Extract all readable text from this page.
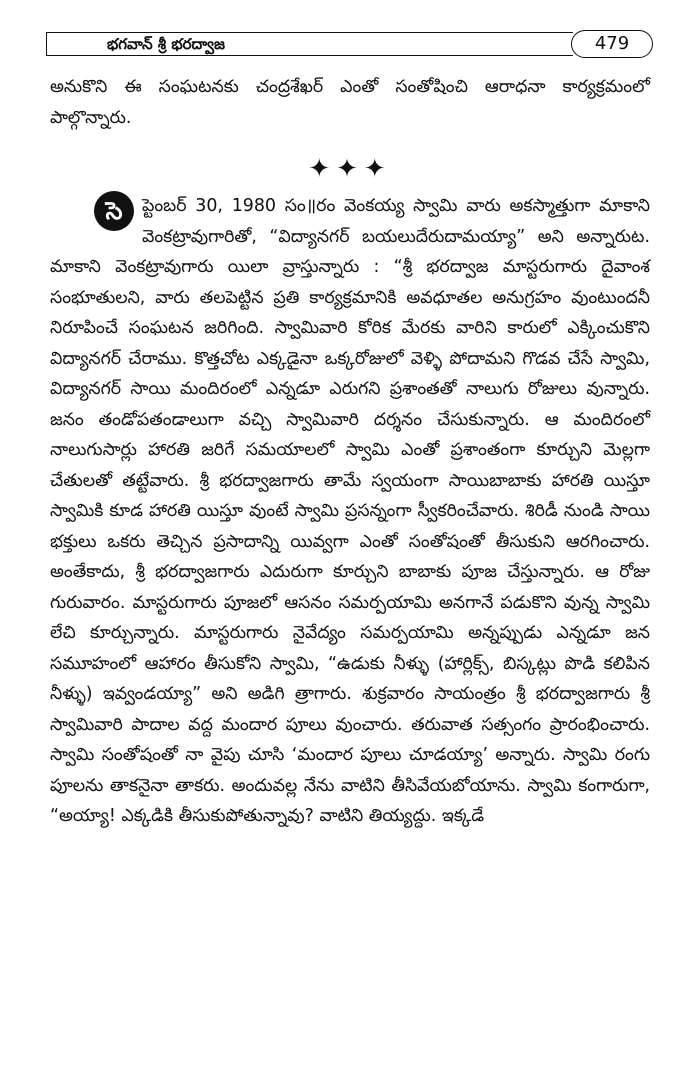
భగవాన్ శ్రీ భరద్వాజ	479

అనుకొని ఈ సంఘటనకు చంద్రశేఖర్ ఎంతో సంతోషించి ఆరాధనా కార్యక్రమంలో పాల్గొన్నారు.

✦✦✦

సె	ప్టెంబర్ 30, 1980 సం॥రం వెంకయ్య స్వామి వారు అకస్మాత్తుగా మాకాని వెంకట్రావుగారితో, “విద్యానగర్ బయలుదేరుదామయ్యా” అని అన్నారుట. మాకాని వెంకట్రావుగారు యిలా వ్రాస్తున్నారు : “శ్రీ భరద్వాజ మాస్టరుగారు దైవాంశ సంభూతులని, వారు తలపెట్టిన ప్రతి కార్యక్రమానికి అవధూతల అనుగ్రహం వుంటుందనీ నిరూపించే సంఘటన జరిగింది. స్వామివారి కోరిక మేరకు వారిని కారులో ఎక్కించుకొని విద్యానగర్ చేరాము. కొత్తచోట ఎక్కడైనా ఒక్కరోజులో వెళ్ళి పోదామని గొడవ చేసే స్వామి, విద్యానగర్ సాయి మందిరంలో ఎన్నడూ ఎరుగని ప్రశాంతతో నాలుగు రోజులు వున్నారు. జనం తండోపతండాలుగా వచ్చి స్వామివారి దర్శనం చేసుకున్నారు. ఆ మందిరంలో నాలుగుసార్లు హారతి జరిగే సమయాలలో స్వామి ఎంతో ప్రశాంతంగా కూర్చుని మెల్లగా చేతులతో తట్టేవారు. శ్రీ భరద్వాజగారు తామే స్వయంగా సాయిబాబాకు హారతి యిస్తూ స్వామికి కూడ హారతి యిస్తూ వుంటే స్వామి ప్రసన్నంగా స్వీకరించేవారు. శిరిడీ నుండి సాయి భక్తులు ఒకరు తెచ్చిన ప్రసాదాన్ని యివ్వగా ఎంతో సంతోషంతో తీసుకుని ఆరగించారు. అంతేకాదు, శ్రీ భరద్వాజగారు ఎదురుగా కూర్చుని బాబాకు పూజ చేస్తున్నారు. ఆ రోజు గురువారం. మాస్టరుగారు పూజలో ఆసనం సమర్పయామి అనగానే పడుకొని వున్న స్వామి లేచి కూర్చున్నారు. మాస్టరుగారు నైవేద్యం సమర్పయామి అన్నప్పుడు ఎన్నడూ జన సమూహంలో ఆహారం తీసుకోని స్వామి, “ఉడుకు నీళ్ళు (హార్లిక్స్, బిస్కట్లు పొడి కలిపిన నీళ్ళు) ఇవ్వండయ్యా” అని అడిగి త్రాగారు. శుక్రవారం సాయంత్రం శ్రీ భరద్వాజగారు శ్రీ స్వామివారి పాదాల వద్ద మందార పూలు వుంచారు. తరువాత సత్సంగం ప్రారంభించారు. స్వామి సంతోషంతో నా వైపు చూసి ‘మందార పూలు చూడయ్యా’ అన్నారు. స్వామి రంగు పూలను తాకనైనా తాకరు. అందువల్ల నేను వాటిని తీసివేయబోయాను. స్వామి కంగారుగా, “అయ్యా! ఎక్కడికి తీసుకుపోతున్నావు? వాటిని తియ్యద్దు. ఇక్కడే
